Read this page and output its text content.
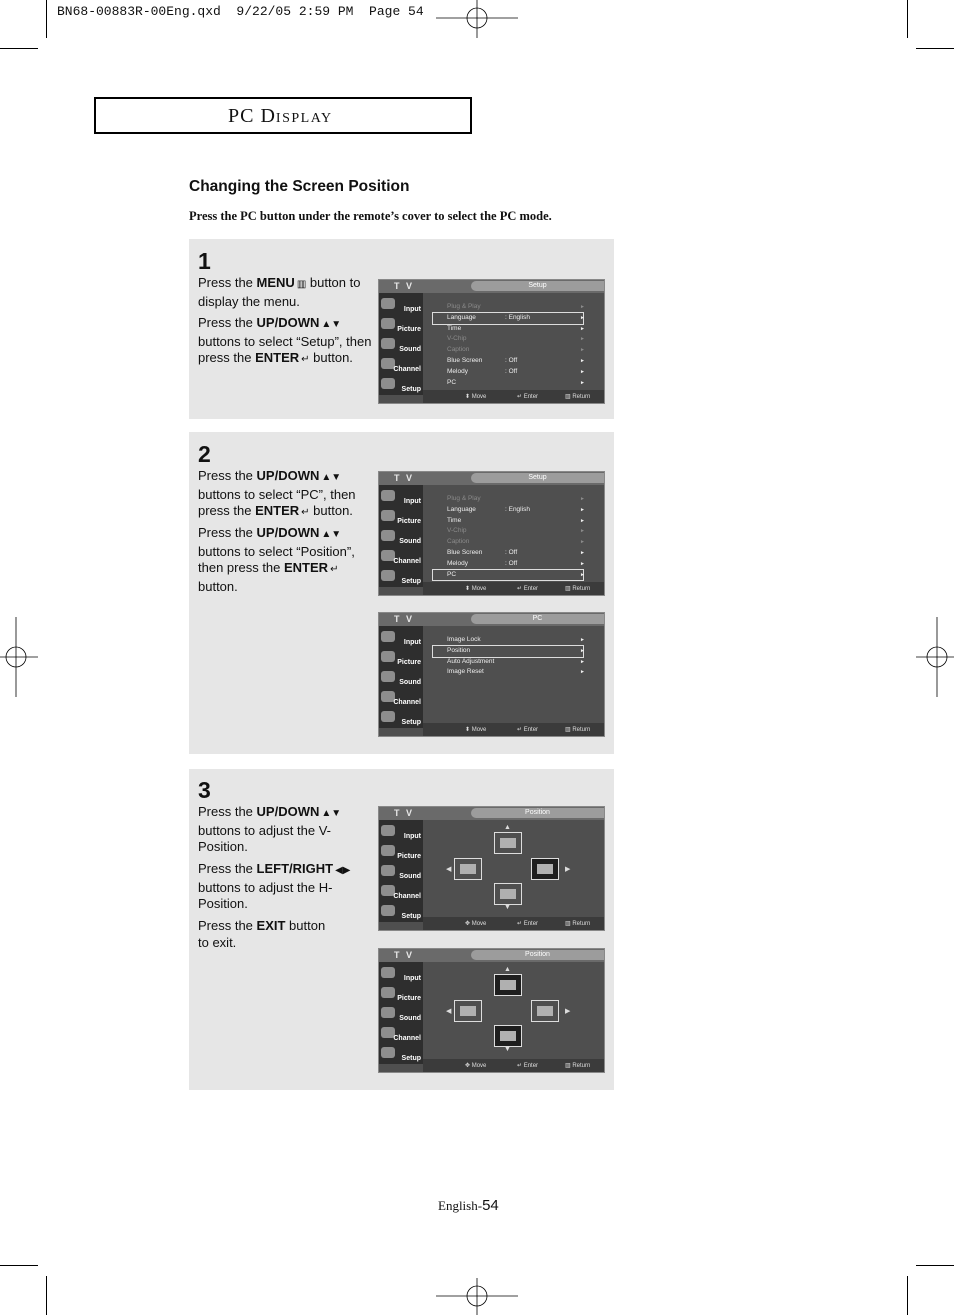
BN68-00883R-00Eng.qxd  9/22/05 2:59 PM  Page 54
PC DISPLAY
Changing the Screen Position
Press the PC button under the remote’s cover to select the PC mode.
1
Press the MENU ▥ button to display the menu.
Press the UP/DOWN ▲▼ buttons to select “Setup”, then press the ENTER ↵ button.
T V	Setup
Input
Picture
Sound
Channel
Setup
Plug & Play	►
Language	: English	►
Time	►
V-Chip	►
Caption	►
Blue Screen	: Off	►
Melody	: Off	►
PC	►
⬍ Move	↵ Enter	▥ Return
2
Press the UP/DOWN ▲▼ buttons to select “PC”, then press the ENTER ↵ button.
Press the UP/DOWN ▲▼ buttons to select “Position”, then press the ENTER ↵ button.
T V	Setup
Input
Picture
Sound
Channel
Setup
Plug & Play	►
Language	: English	►
Time	►
V-Chip	►
Caption	►
Blue Screen	: Off	►
Melody	: Off	►
PC	►
⬍ Move	↵ Enter	▥ Return
T V	PC
Input
Picture
Sound
Channel
Setup
Image Lock	►
Position	►
Auto Adjustment	►
Image Reset	►
⬍ Move	↵ Enter	▥ Return
3
Press the UP/DOWN ▲▼ buttons to adjust the V-Position.
Press the LEFT/RIGHT ◀▶ buttons to adjust the H-Position.
Press the EXIT button to exit.
T V	Position
Input
Picture
Sound
Channel
Setup
▲
◀	▶
▼
✥ Move	↵ Enter	▥ Return
T V	Position
Input
Picture
Sound
Channel
Setup
▲
◀	▶
▼
✥ Move	↵ Enter	▥ Return
English-54
